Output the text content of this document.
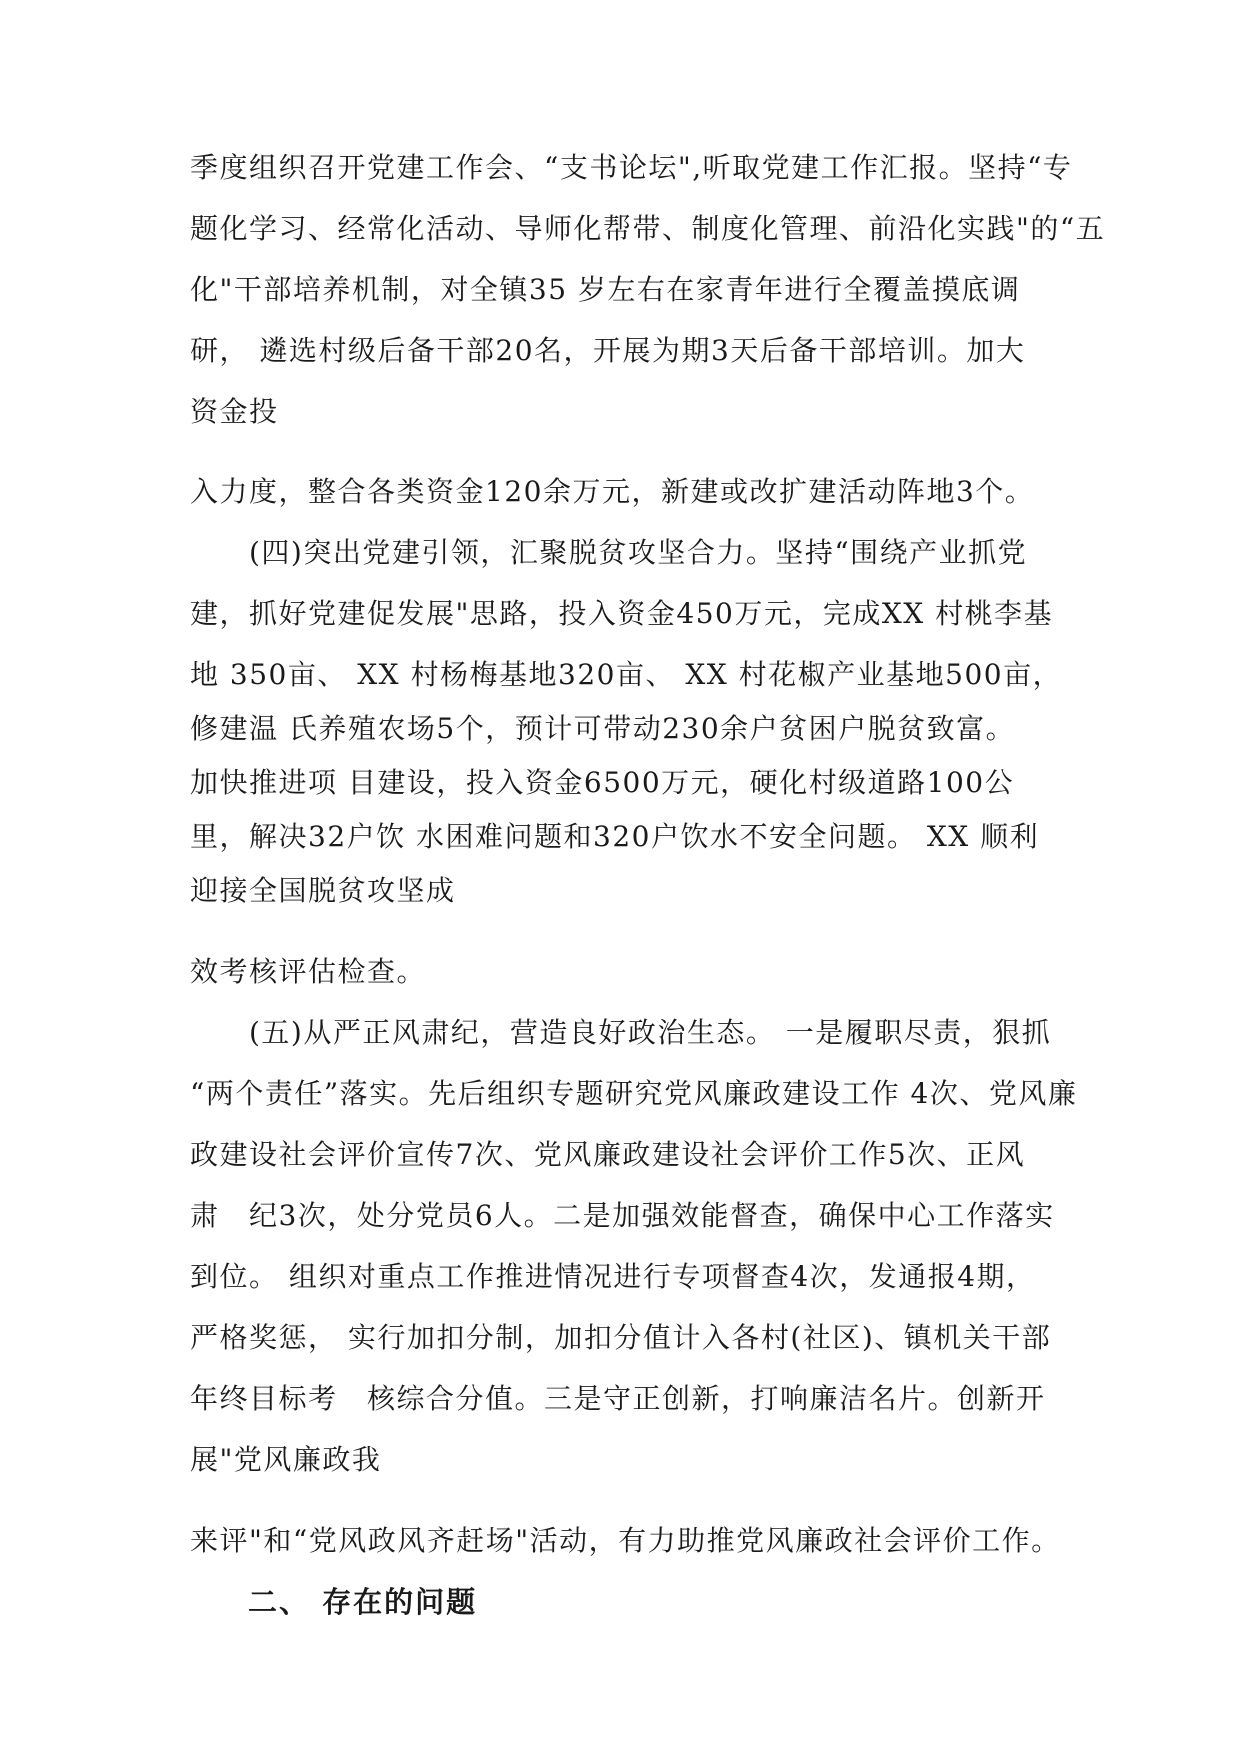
季度组织召开党建工作会、“支书论坛",听取党建工作汇报。坚持“专
题化学习、经常化活动、导师化帮带、制度化管理、前沿化实践"的“五
化"干部培养机制，对全镇35 岁左右在家青年进行全覆盖摸底调
研， 遴选村级后备干部20名，开展为期3天后备干部培训。加大
资金投
入力度，整合各类资金120余万元，新建或改扩建活动阵地3个。
　　(四)突出党建引领，汇聚脱贫攻坚合力。坚持“围绕产业抓党
建，抓好党建促发展"思路，投入资金450万元，完成XX 村桃李基
地 350亩、 XX 村杨梅基地320亩、 XX 村花椒产业基地500亩，
修建温 氏养殖农场5个，预计可带动230余户贫困户脱贫致富。
加快推进项 目建设，投入资金6500万元，硬化村级道路100公
里，解决32户饮 水困难问题和320户饮水不安全问题。 XX 顺利
迎接全国脱贫攻坚成
效考核评估检查。
　　(五)从严正风肃纪，营造良好政治生态。 一是履职尽责，狠抓
“两个责任”落实。先后组织专题研究党风廉政建设工作 4次、党风廉
政建设社会评价宣传7次、党风廉政建设社会评价工作5次、正风
肃　纪3次，处分党员6人。二是加强效能督查，确保中心工作落实
到位。 组织对重点工作推进情况进行专项督查4次，发通报4期，
严格奖惩， 实行加扣分制，加扣分值计入各村(社区)、镇机关干部
年终目标考　核综合分值。三是守正创新，打响廉洁名片。创新开
展"党风廉政我
来评"和“党风政风齐赶场"活动，有力助推党风廉政社会评价工作。
二、 存在的问题
